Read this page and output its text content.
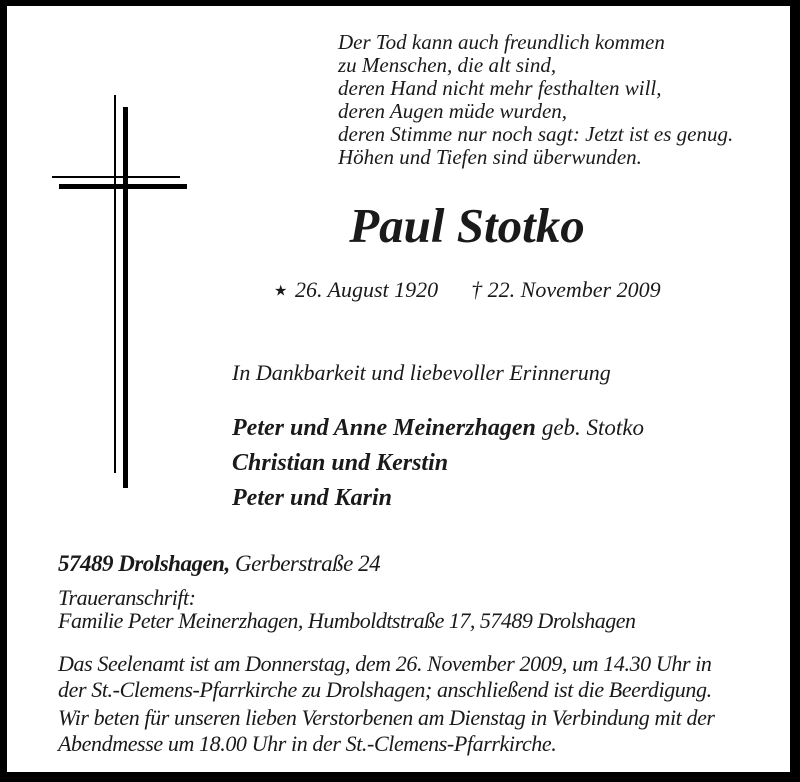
Der Tod kann auch freundlich kommen
zu Menschen, die alt sind,
deren Hand nicht mehr festhalten will,
deren Augen müde wurden,
deren Stimme nur noch sagt: Jetzt ist es genug.
Höhen und Tiefen sind überwunden.
Paul Stotko
★ 26. August 1920 † 22. November 2009
In Dankbarkeit und liebevoller Erinnerung
Peter und Anne Meinerzhagen geb. Stotko
Christian und Kerstin
Peter und Karin
57489 Drolshagen, Gerberstraße 24
Traueranschrift:
Familie Peter Meinerzhagen, Humboldtstraße 17, 57489 Drolshagen
Das Seelenamt ist am Donnerstag, dem 26. November 2009, um 14.30 Uhr in
der St.-Clemens-Pfarrkirche zu Drolshagen; anschließend ist die Beerdigung.
Wir beten für unseren lieben Verstorbenen am Dienstag in Verbindung mit der
Abendmesse um 18.00 Uhr in der St.-Clemens-Pfarrkirche.
